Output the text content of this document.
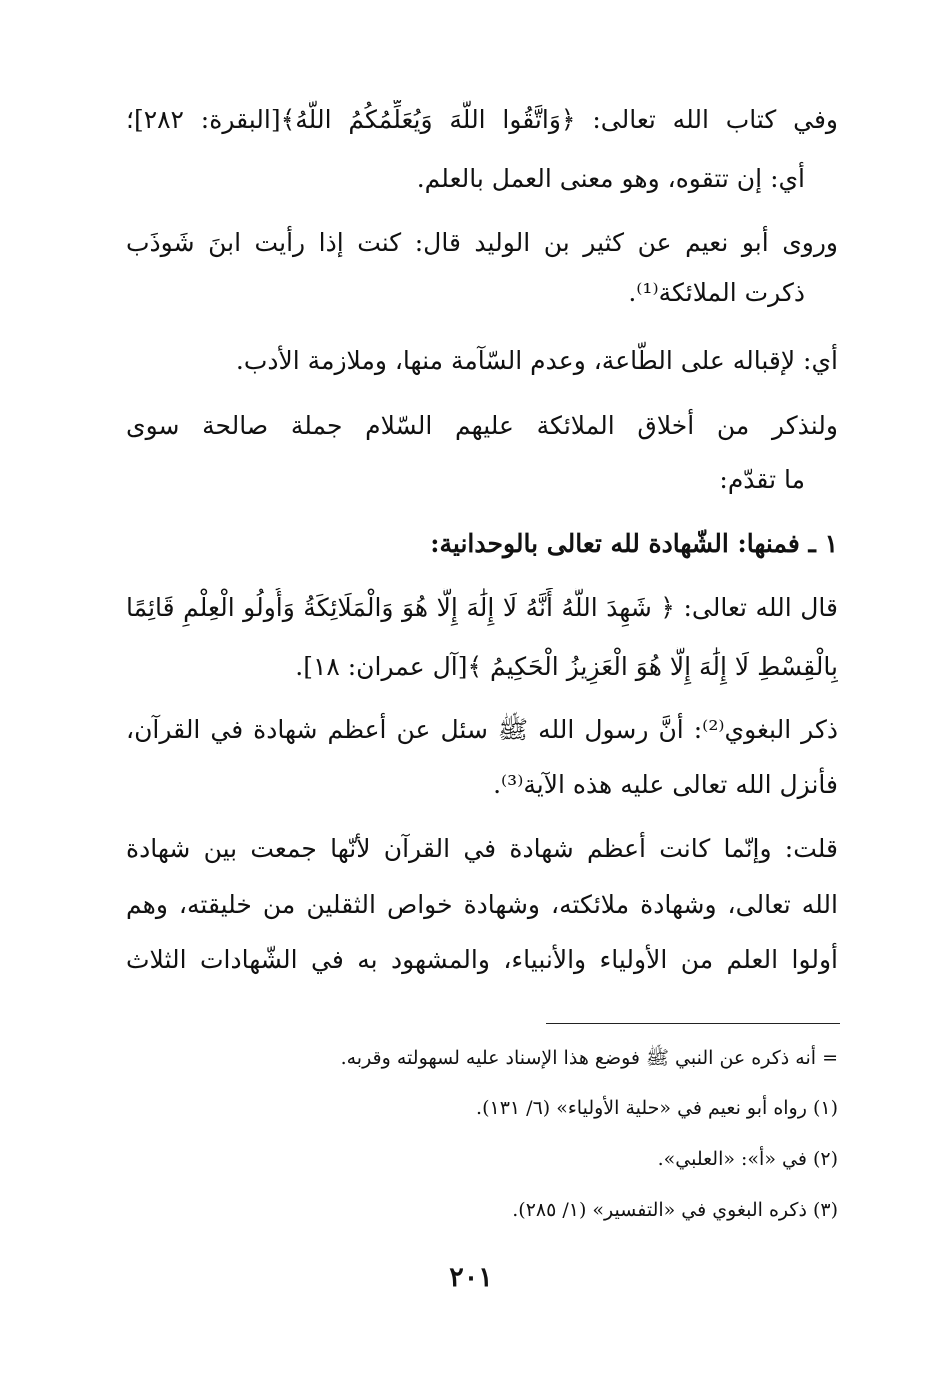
وفي كتاب الله تعالى: ﴿وَاتَّقُوا اللَّهَ وَيُعَلِّمُكُمُ اللَّهُ﴾[البقرة: ٢٨٢]؛
أي: إن تتقوه، وهو معنى العمل بالعلم.
وروى أبو نعيم عن كثير بن الوليد قال: كنت إذا رأيت ابنَ شَوذَب
ذكرت الملائكة⁽¹⁾.
أي: لإقباله على الطّاعة، وعدم السّآمة منها، وملازمة الأدب.
ولنذكر من أخلاق الملائكة عليهم السّلام جملة صالحة سوى
ما تقدّم:
١ ـ فمنها: الشّهادة لله تعالى بالوحدانية:
قال الله تعالى: ﴿ شَهِدَ اللَّهُ أَنَّهُ لَا إِلَٰهَ إِلَّا هُوَ وَالْمَلَائِكَةُ وَأُولُو الْعِلْمِ قَائِمًا
بِالْقِسْطِ لَا إِلَٰهَ إِلَّا هُوَ الْعَزِيزُ الْحَكِيمُ ﴾[آل عمران: ١٨].
ذكر البغوي⁽²⁾: أنَّ رسول الله ﷺ سئل عن أعظم شهادة في القرآن،
فأنزل الله تعالى عليه هذه الآية⁽³⁾.
قلت: وإنّما كانت أعظم شهادة في القرآن لأنّها جمعت بين شهادة
الله تعالى، وشهادة ملائكته، وشهادة خواص الثقلين من خليقته، وهم
أولوا العلم من الأولياء والأنبياء، والمشهود به في الشّهادات الثلاث
= أنه ذكره عن النبي ﷺ فوضع هذا الإسناد عليه لسهولته وقربه.
(١) رواه أبو نعيم في «حلية الأولياء» (٦/ ١٣١).
(٢) في «أ»: «العلبي».
(٣) ذكره البغوي في «التفسير» (١/ ٢٨٥).
٢٠١
